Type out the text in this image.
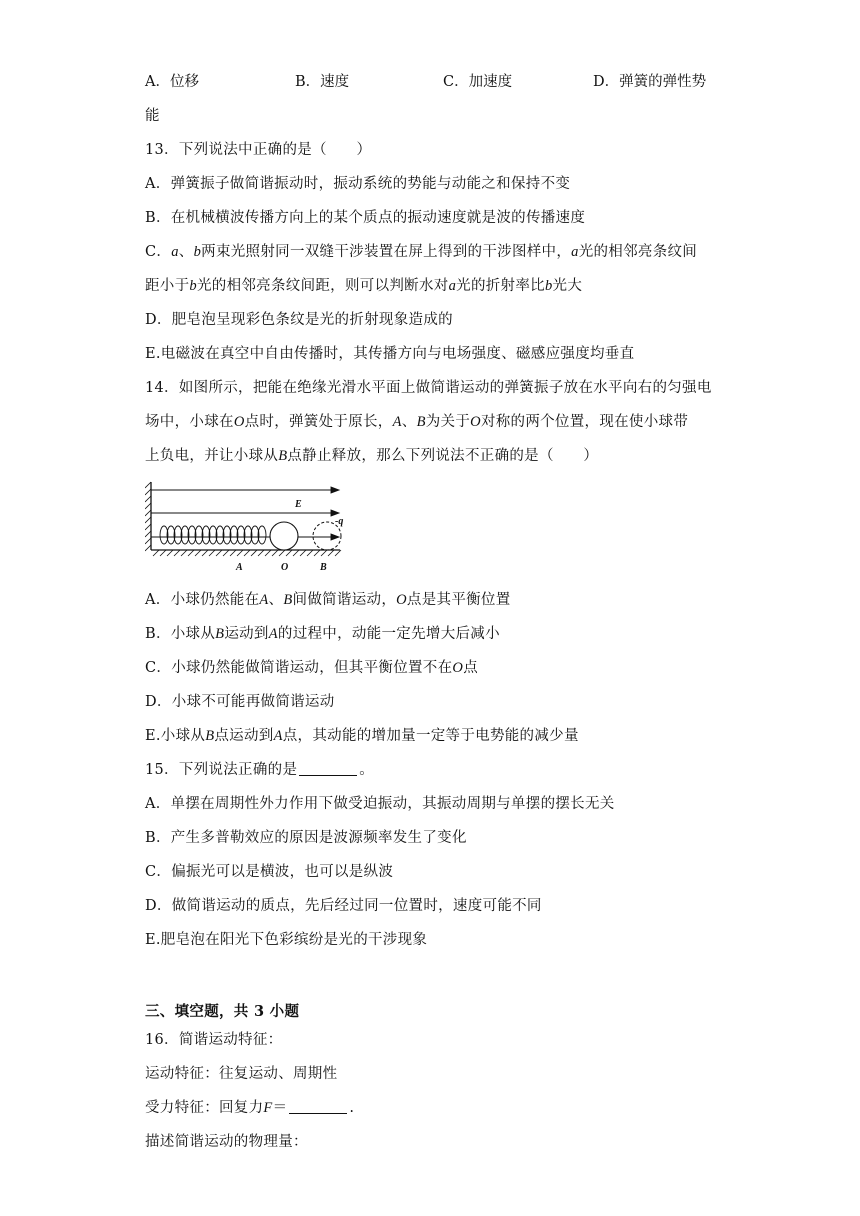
A．位移	B．速度	C．加速度	D．弹簧的弹性势
能
13．下列说法中正确的是（　　）
A．弹簧振子做简谐振动时，振动系统的势能与动能之和保持不变
B．在机械横波传播方向上的某个质点的振动速度就是波的传播速度
C．a、b两束光照射同一双缝干涉装置在屏上得到的干涉图样中，a光的相邻亮条纹间
距小于b光的相邻亮条纹间距，则可以判断水对a光的折射率比b光大
D．肥皂泡呈现彩色条纹是光的折射现象造成的
E.电磁波在真空中自由传播时，其传播方向与电场强度、磁感应强度均垂直
14．如图所示，把能在绝缘光滑水平面上做简谐运动的弹簧振子放在水平向右的匀强电
场中，小球在O点时，弹簧处于原长，A、B为关于O对称的两个位置，现在使小球带
上负电，并让小球从B点静止释放，那么下列说法不正确的是（　　）
E
-q
A	O	B
A．小球仍然能在A、B间做简谐运动，O点是其平衡位置
B．小球从B运动到A的过程中，动能一定先增大后减小
C．小球仍然能做简谐运动，但其平衡位置不在O点
D．小球不可能再做简谐运动
E.小球从B点运动到A点，其动能的增加量一定等于电势能的减少量
15．下列说法正确的是	。
A．单摆在周期性外力作用下做受迫振动，其振动周期与单摆的摆长无关
B．产生多普勒效应的原因是波源频率发生了变化
C．偏振光可以是横波，也可以是纵波
D．做简谐运动的质点，先后经过同一位置时，速度可能不同
E.肥皂泡在阳光下色彩缤纷是光的干涉现象
三、填空题，共 3 小题
16．简谐运动特征：
运动特征：往复运动、周期性
受力特征：回复力F＝	.
描述简谐运动的物理量：
